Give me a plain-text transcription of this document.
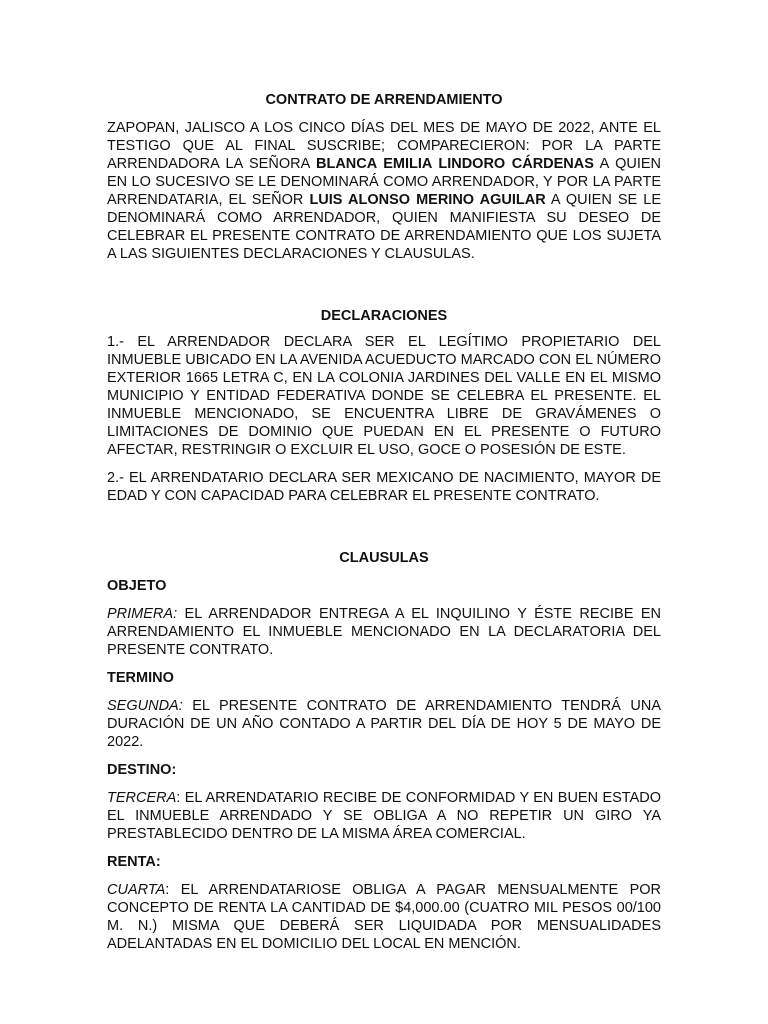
CONTRATO DE ARRENDAMIENTO

ZAPOPAN, JALISCO A LOS CINCO DÍAS DEL MES DE MAYO DE 2022, ANTE EL TESTIGO QUE AL FINAL SUSCRIBE; COMPARECIERON: POR LA PARTE ARRENDADORA LA SEÑORA BLANCA EMILIA LINDORO CÁRDENAS A QUIEN EN LO SUCESIVO SE LE DENOMINARÁ COMO ARRENDADOR, Y POR LA PARTE ARRENDATARIA, EL SEÑOR LUIS ALONSO MERINO AGUILAR A QUIEN SE LE DENOMINARÁ COMO ARRENDADOR, QUIEN MANIFIESTA SU DESEO DE CELEBRAR EL PRESENTE CONTRATO DE ARRENDAMIENTO QUE LOS SUJETA A LAS SIGUIENTES DECLARACIONES Y CLAUSULAS.

DECLARACIONES

1.- EL ARRENDADOR DECLARA SER EL LEGÍTIMO PROPIETARIO DEL INMUEBLE UBICADO EN LA AVENIDA ACUEDUCTO MARCADO CON EL NÚMERO EXTERIOR 1665 LETRA C, EN LA COLONIA JARDINES DEL VALLE EN EL MISMO MUNICIPIO Y ENTIDAD FEDERATIVA DONDE SE CELEBRA EL PRESENTE. EL INMUEBLE MENCIONADO, SE ENCUENTRA LIBRE DE GRAVÁMENES O LIMITACIONES DE DOMINIO QUE PUEDAN EN EL PRESENTE O FUTURO AFECTAR, RESTRINGIR O EXCLUIR EL USO, GOCE O POSESIÓN DE ESTE.

2.- EL ARRENDATARIO DECLARA SER MEXICANO DE NACIMIENTO, MAYOR DE EDAD Y CON CAPACIDAD PARA CELEBRAR EL PRESENTE CONTRATO.

CLAUSULAS
OBJETO

PRIMERA: EL ARRENDADOR ENTREGA A EL INQUILINO Y ÉSTE RECIBE EN ARRENDAMIENTO EL INMUEBLE MENCIONADO EN LA DECLARATORIA DEL PRESENTE CONTRATO.

TERMINO

SEGUNDA: EL PRESENTE CONTRATO DE ARRENDAMIENTO TENDRÁ UNA DURACIÓN DE UN AÑO CONTADO A PARTIR DEL DÍA DE HOY 5 DE MAYO DE 2022.

DESTINO:

TERCERA: EL ARRENDATARIO RECIBE DE CONFORMIDAD Y EN BUEN ESTADO EL INMUEBLE ARRENDADO Y SE OBLIGA A NO REPETIR UN GIRO YA PRESTABLECIDO DENTRO DE LA MISMA ÁREA COMERCIAL.

RENTA:

CUARTA: EL ARRENDATARIOSE OBLIGA A PAGAR MENSUALMENTE POR CONCEPTO DE RENTA LA CANTIDAD DE $4,000.00 (CUATRO MIL PESOS 00/100 M. N.) MISMA QUE DEBERÁ SER LIQUIDADA POR MENSUALIDADES ADELANTADAS EN EL DOMICILIO DEL LOCAL EN MENCIÓN.
